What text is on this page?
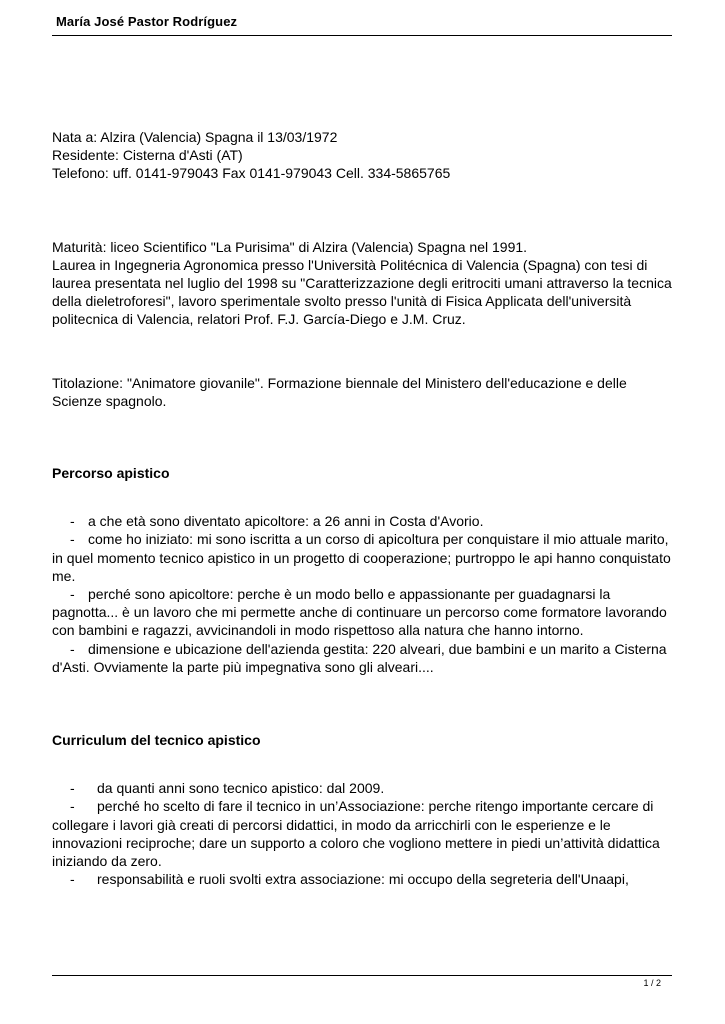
María José Pastor Rodríguez

Nata a: Alzira (Valencia) Spagna il 13/03/1972

Residente: Cisterna d'Asti (AT)

Telefono: uff. 0141-979043 Fax 0141-979043 Cell. 334-5865765

Maturità: liceo Scientifico "La Purisima" di Alzira (Valencia) Spagna nel 1991.

Laurea in Ingegneria Agronomica presso l'Università Politécnica di Valencia (Spagna) con tesi di laurea presentata nel luglio del 1998 su "Caratterizzazione degli eritrociti umani attraverso la tecnica della dieletroforesi", lavoro sperimentale svolto presso l'unità di Fisica Applicata dell'università politecnica di Valencia, relatori Prof. F.J. García-Diego e J.M. Cruz.

Titolazione: "Animatore giovanile". Formazione biennale del Ministero dell'educazione e delle Scienze spagnolo.

Percorso apistico

- a che età sono diventato apicoltore: a 26 anni in Costa d'Avorio.

- come ho iniziato: mi sono iscritta a un corso di apicoltura per conquistare il mio attuale marito, in quel momento tecnico apistico in un progetto di cooperazione; purtroppo le api hanno conquistato me.

- perché sono apicoltore: perche è un modo bello e appassionante per guadagnarsi la pagnotta... è un lavoro che mi permette anche di continuare un percorso come formatore lavorando con bambini e ragazzi, avvicinandoli in modo rispettoso alla natura che hanno intorno.

- dimensione e ubicazione dell'azienda gestita: 220 alveari, due bambini e un marito a Cisterna d'Asti. Ovviamente la parte più impegnativa sono gli alveari....

Curriculum del tecnico apistico

- da quanti anni sono tecnico apistico: dal 2009.

- perché ho scelto di fare il tecnico in un’Associazione: perche ritengo importante cercare di collegare i lavori già creati di percorsi didattici, in modo da arricchirli con le esperienze e le innovazioni reciproche; dare un supporto a coloro che vogliono mettere in piedi un’attività didattica iniziando da zero.

- responsabilità e ruoli svolti extra associazione: mi occupo della segreteria dell'Unaapi,

1 / 2
